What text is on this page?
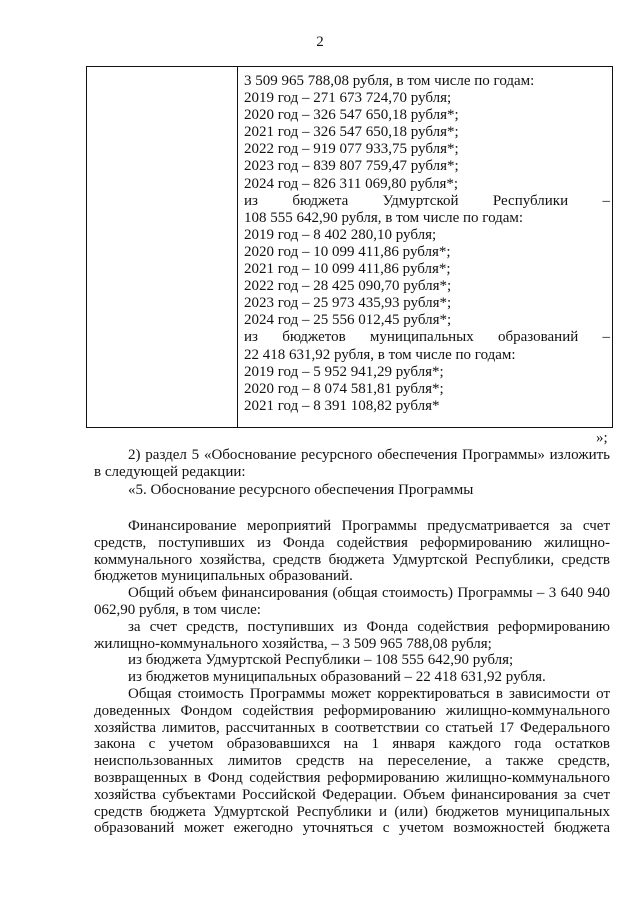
2
3 509 965 788,08 рубля, в том числе по годам:
2019 год – 271 673 724,70 рубля;
2020 год – 326 547 650,18 рубля*;
2021 год – 326 547 650,18 рубля*;
2022 год – 919 077 933,75 рубля*;
2023 год – 839 807 759,47 рубля*;
2024 год – 826 311 069,80 рубля*;
из бюджета Удмуртской Республики –
108 555 642,90 рубля, в том числе по годам:
2019 год – 8 402 280,10 рубля;
2020 год – 10 099 411,86 рубля*;
2021 год – 10 099 411,86 рубля*;
2022 год – 28 425 090,70 рубля*;
2023 год – 25 973 435,93 рубля*;
2024 год – 25 556 012,45 рубля*;
из бюджетов муниципальных образований –
22 418 631,92 рубля, в том числе по годам:
2019 год – 5 952 941,29 рубля*;
2020 год – 8 074 581,81 рубля*;
2021 год – 8 391 108,82 рубля*
»;

2) раздел 5 «Обоснование ресурсного обеспечения Программы» изложить в следующей редакции:

«5. Обоснование ресурсного обеспечения Программы

Финансирование мероприятий Программы предусматривается за счет средств, поступивших из Фонда содействия реформированию жилищно-коммунального хозяйства, средств бюджета Удмуртской Республики, средств бюджетов муниципальных образований.

Общий объем финансирования (общая стоимость) Программы – 3 640 940 062,90 рубля, в том числе:

за счет средств, поступивших из Фонда содействия реформированию жилищно-коммунального хозяйства, – 3 509 965 788,08 рубля;

из бюджета Удмуртской Республики – 108 555 642,90 рубля;

из бюджетов муниципальных образований – 22 418 631,92 рубля.

Общая стоимость Программы может корректироваться в зависимости от доведенных Фондом содействия реформированию жилищно-коммунального хозяйства лимитов, рассчитанных в соответствии со статьей 17 Федерального закона с учетом образовавшихся на 1 января каждого года остатков неиспользованных лимитов средств на переселение, а также средств, возвращенных в Фонд содействия реформированию жилищно-коммунального хозяйства субъектами Российской Федерации. Объем финансирования за счет средств бюджета Удмуртской Республики и (или) бюджетов муниципальных образований может ежегодно уточняться с учетом возможностей бюджета
